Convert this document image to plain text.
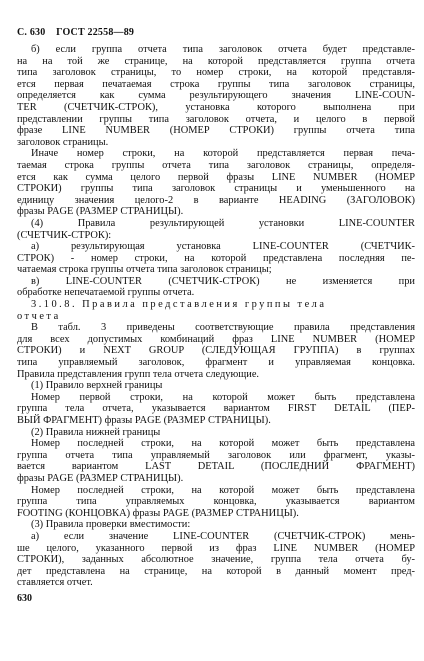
С. 630 ГОСТ 22558—89
б) если группа отчета типа заголовок отчета будет представле-
на на той же странице, на которой представляется группа отчета
типа заголовок страницы, то номер строки, на которой представля-
ется первая печатаемая строка группы типа заголовок страницы,
определяется как сумма результирующего значения LINE-COUN-
TER (СЧЕТЧИК-СТРОК), установка которого выполнена при
представлении группы типа заголовок отчета, и целого в первой
фразе LINE NUMBER (НОМЕР СТРОКИ) группы отчета типа
заголовок страницы.
Иначе номер строки, на которой представляется первая печа-
таемая строка группы отчета типа заголовок страницы, определя-
ется как сумма целого первой фразы LINE NUMBER (НОМЕР
СТРОКИ) группы типа заголовок страницы и уменьшенного на
единицу значения целого-2 в варианте HEADING (ЗАГОЛОВОК)
фразы PAGE (РАЗМЕР СТРАНИЦЫ).
(4) Правила результирующей установки LINE-COUNTER
(СЧЕТЧИК-СТРОК):
а) результирующая установка LINE-COUNTER (СЧЕТЧИК-
СТРОК) - номер строки, на которой представлена последняя пе-
чатаемая строка группы отчета типа заголовок страницы;
в) LINE-COUNTER (СЧЕТЧИК-СТРОК) не изменяется при
обработке непечатаемой группы отчета.
3.10.8. Правила представления группы тела
отчета
В табл. 3 приведены соответствующие правила представления
для всех допустимых комбинаций фраз LINE NUMBER (НОМЕР
СТРОКИ) и NEXT GROUP (СЛЕДУЮЩАЯ ГРУППА) в группах
типа управляемый заголовок, фрагмент и управляемая концовка.
Правила представления групп тела отчета следующие.
(1) Правило верхней границы
Номер первой строки, на которой может быть представлена
группа тела отчета, указывается вариантом FIRST DETAIL (ПЕР-
ВЫЙ ФРАГМЕНТ) фразы PAGE (РАЗМЕР СТРАНИЦЫ).
(2) Правила нижней границы
Номер последней строки, на которой может быть представлена
группа отчета типа управляемый заголовок или фрагмент, указы-
вается вариантом LAST DETAIL (ПОСЛЕДНИЙ ФРАГМЕНТ)
фразы PAGE (РАЗМЕР СТРАНИЦЫ).
Номер последней строки, на которой может быть представлена
группа типа управляемых концовка, указывается вариантом
FOOTING (КОНЦОВКА) фразы PAGE (РАЗМЕР СТРАНИЦЫ).
(3) Правила проверки вместимости:
а) если значение LINE-COUNTER (СЧЕТЧИК-СТРОК) мень-
ше целого, указанного первой из фраз LINE NUMBER (НОМЕР
СТРОКИ), заданных абсолютное значение, группа тела отчета бу-
дет представлена на странице, на которой в данный момент пред-
ставляется отчет.
630
